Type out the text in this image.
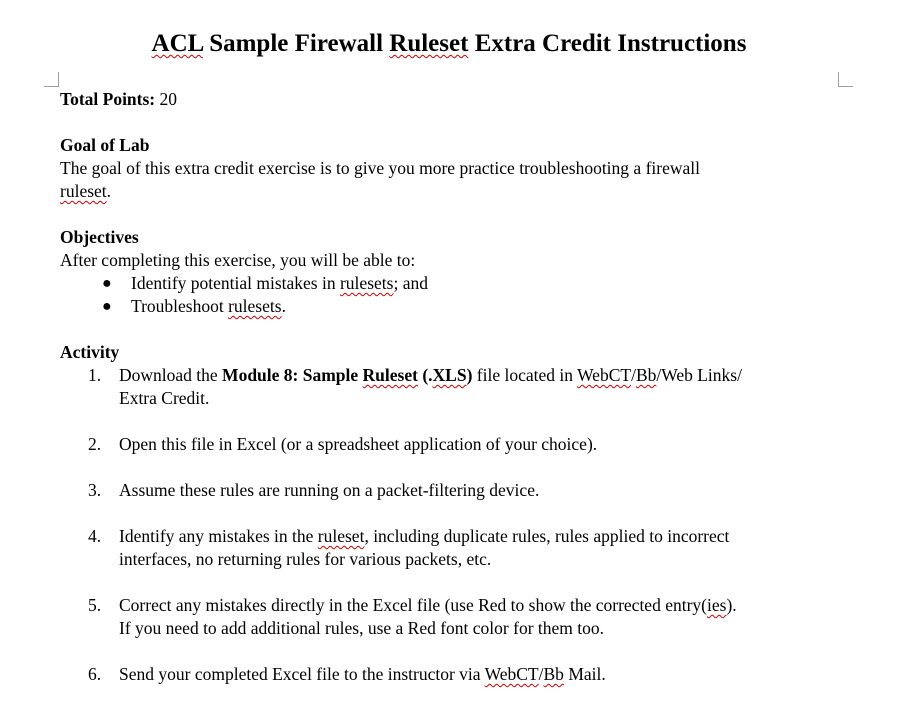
ACL Sample Firewall Ruleset Extra Credit Instructions
Total Points: 20
Goal of Lab
The goal of this extra credit exercise is to give you more practice troubleshooting a firewall
ruleset.
Objectives
After completing this exercise, you will be able to:
● Identify potential mistakes in rulesets; and
● Troubleshoot rulesets.
Activity
1. Download the Module 8: Sample Ruleset (.XLS) file located in WebCT/Bb/Web Links/
Extra Credit.
2. Open this file in Excel (or a spreadsheet application of your choice).
3. Assume these rules are running on a packet-filtering device.
4. Identify any mistakes in the ruleset, including duplicate rules, rules applied to incorrect
interfaces, no returning rules for various packets, etc.
5. Correct any mistakes directly in the Excel file (use Red to show the corrected entry(ies).
If you need to add additional rules, use a Red font color for them too.
6. Send your completed Excel file to the instructor via WebCT/Bb Mail.
